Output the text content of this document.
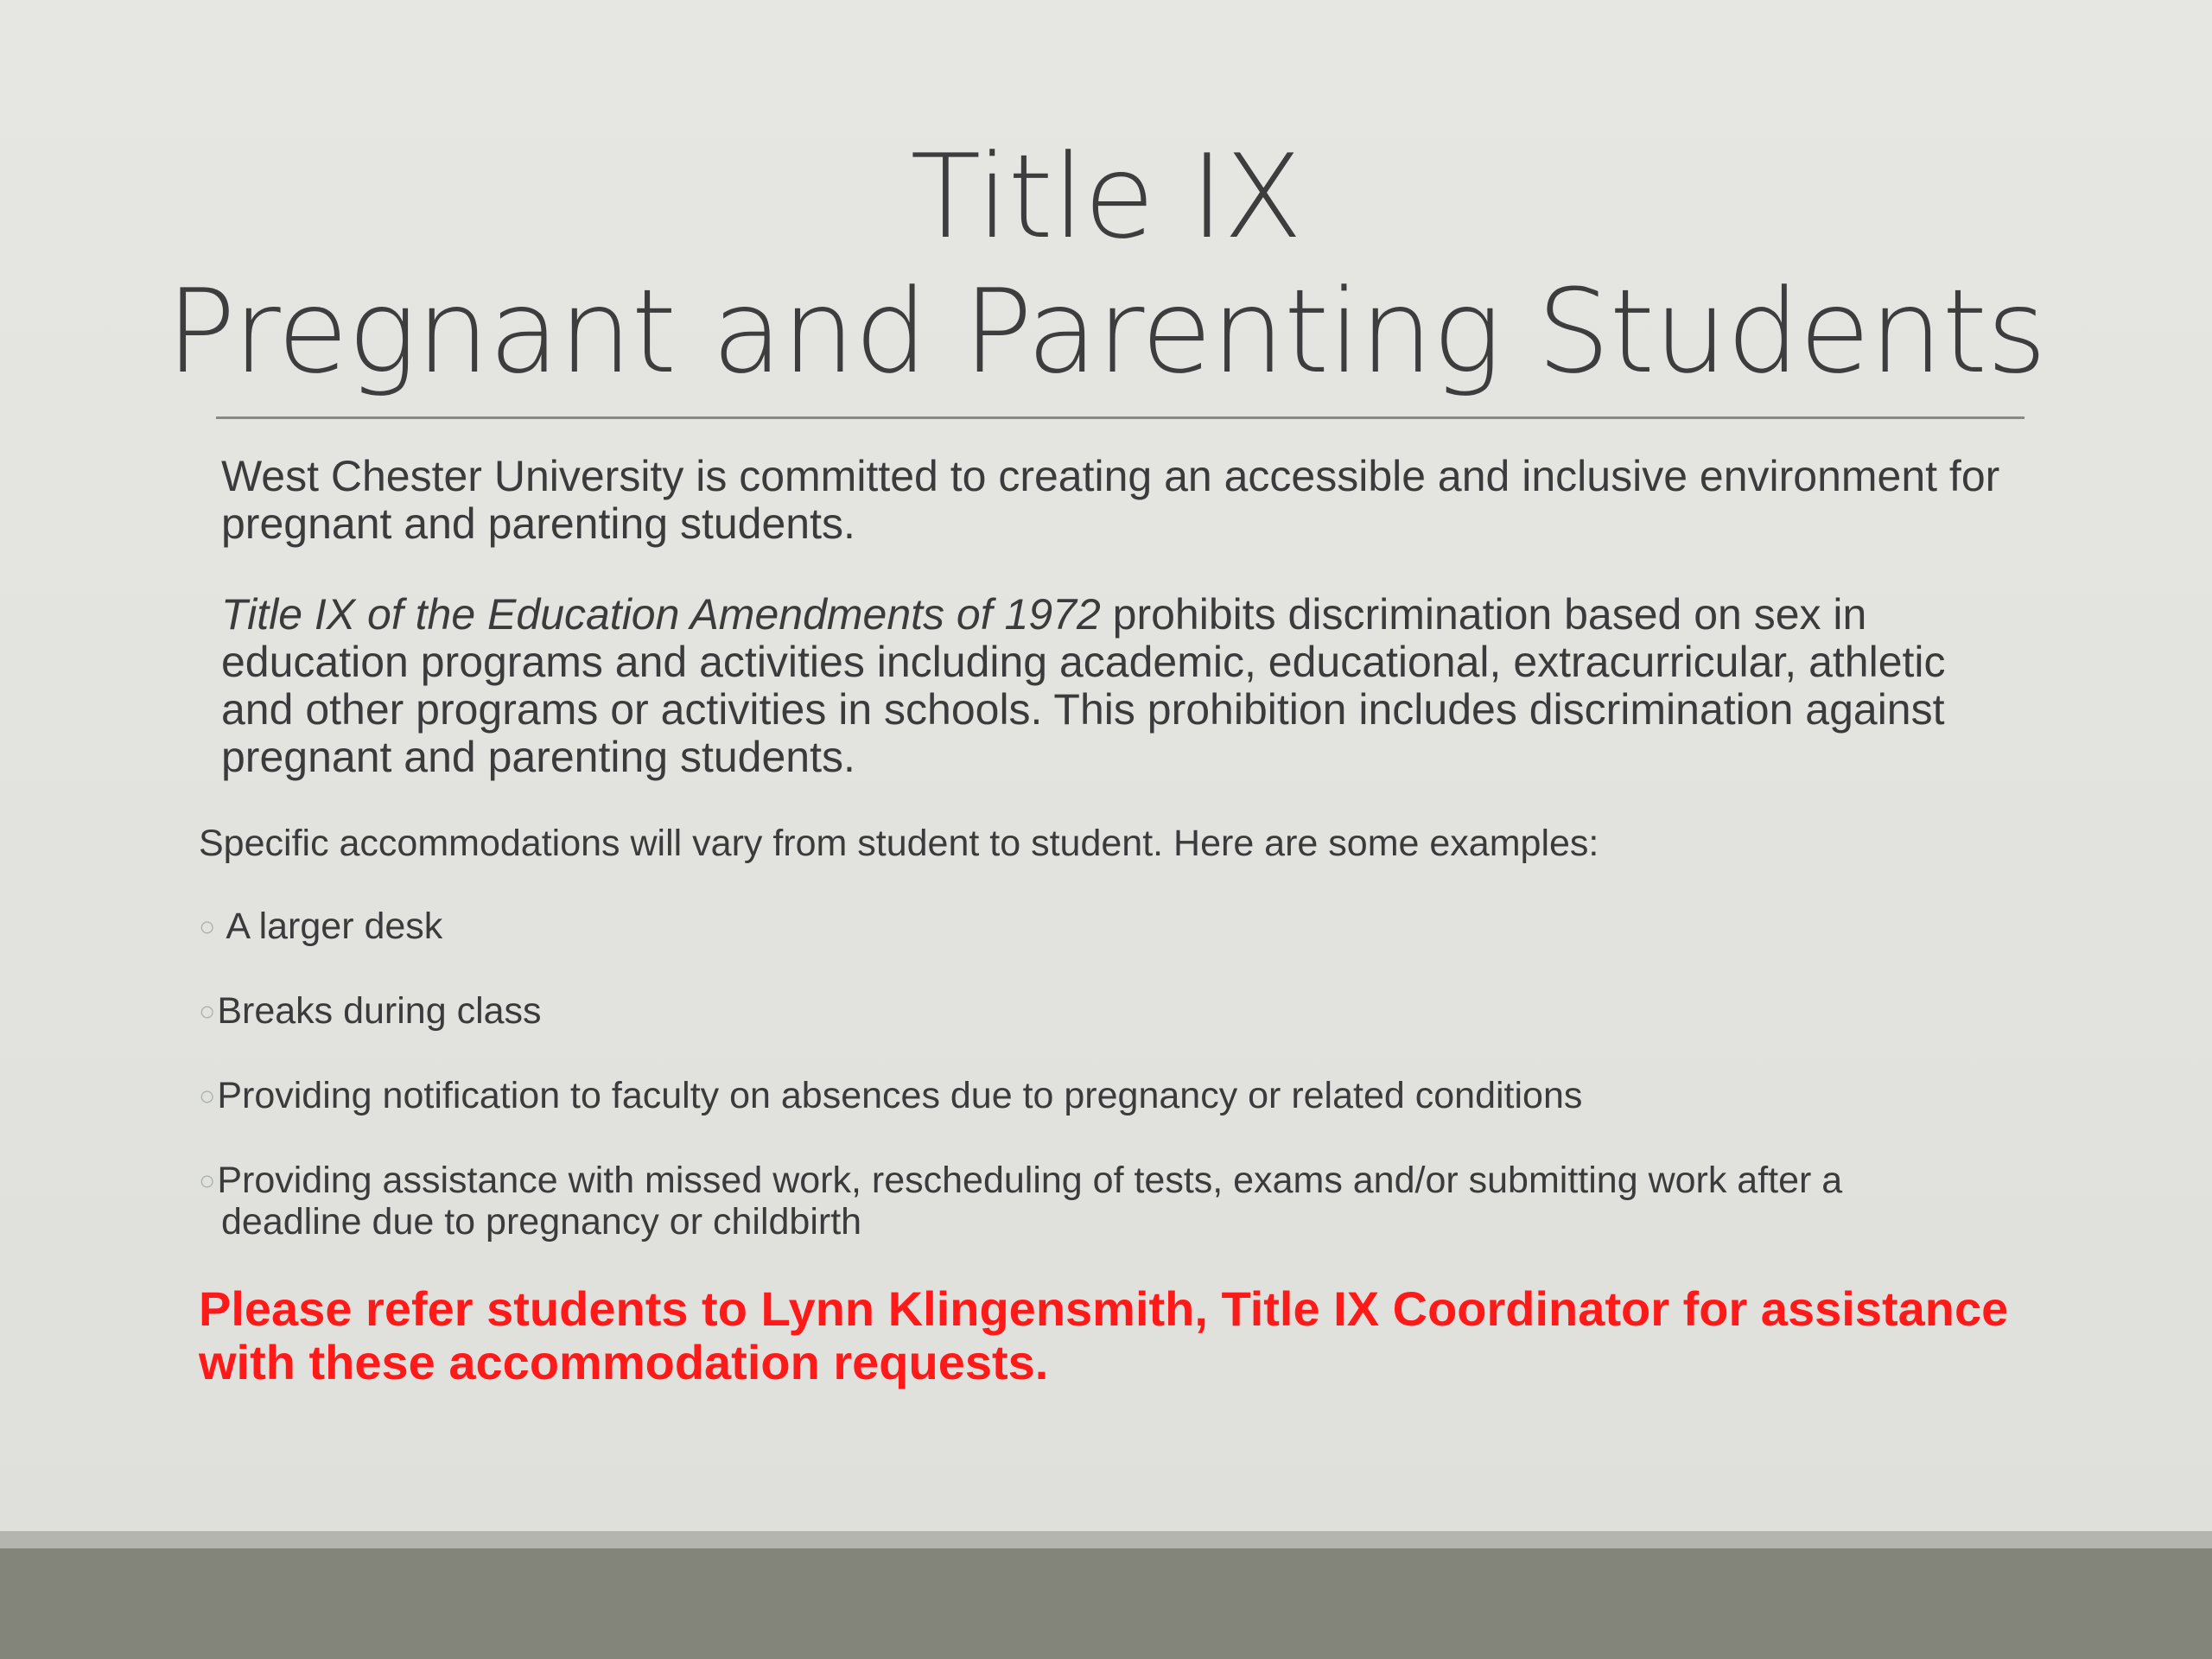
Title IX
Pregnant and Parenting Students
West Chester University is committed to creating an accessible and inclusive environment for pregnant and parenting students.
Title IX of the Education Amendments of 1972 prohibits discrimination based on sex in education programs and activities including academic, educational, extracurricular, athletic and other programs or activities in schools. This prohibition includes discrimination against pregnant and parenting students.
Specific accommodations will vary from student to student. Here are some examples:
○ A larger desk
○Breaks during class
○Providing notification to faculty on absences due to pregnancy or related conditions
○Providing assistance with missed work, rescheduling of tests, exams and/or submitting work after a
deadline due to pregnancy or childbirth
Please refer students to Lynn Klingensmith, Title IX Coordinator for assistance with these accommodation requests.
